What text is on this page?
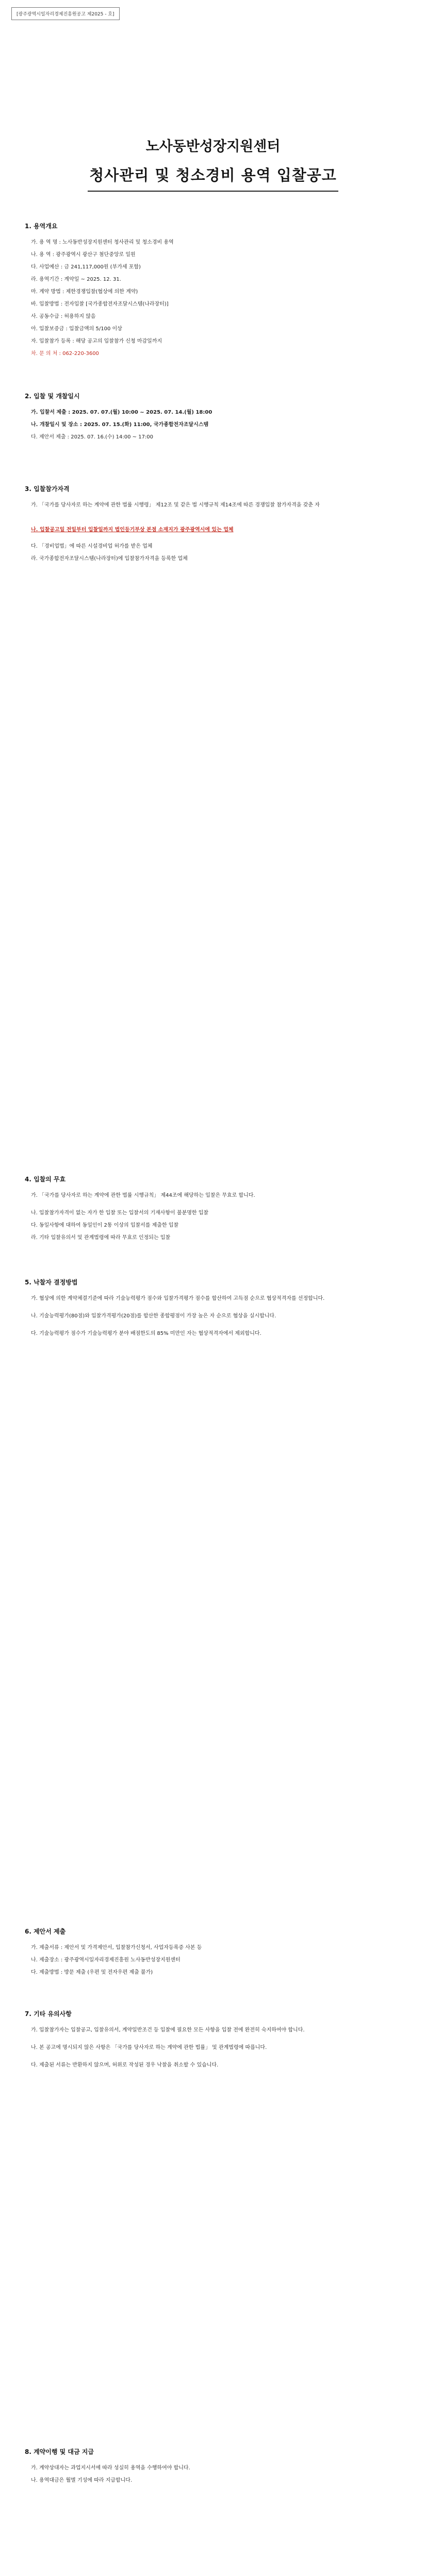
[광주광역시일자리경제진흥원공고 제2025 - 호]
노사동반성장지원센터
청사관리 및 청소경비 용역 입찰공고
1. 용역개요
가. 용 역 명 : 노사동반성장지원센터 청사관리 및 청소경비 용역
나. 용 역 : 광주광역시 광산구 첨단중앙로 일원
다. 사업예산 : 금 241,117,000원 (부가세 포함)
라. 용역기간 : 계약일 ~ 2025. 12. 31.
마. 계약 방법 : 제한경쟁입찰(협상에 의한 계약)
바. 입찰방법 : 전자입찰 [국가종합전자조달시스템(나라장터)]
사. 공동수급 : 허용하지 않음
아. 입찰보증금 : 입찰금액의 5/100 이상
자. 입찰참가 등록 : 해당 공고의 입찰참가 신청 마감일까지
차. 문 의 처 : 062-220-3600
2. 입찰 및 개찰일시
가. 입찰서 제출 : 2025. 07. 07.(월) 10:00 ~ 2025. 07. 14.(월) 18:00
나. 개찰일시 및 장소 : 2025. 07. 15.(화) 11:00, 국가종합전자조달시스템
다. 제안서 제출 : 2025. 07. 16.(수) 14:00 ~ 17:00
3. 입찰참가자격
가. 「국가를 당사자로 하는 계약에 관한 법률 시행령」 제12조 및 같은 법 시행규칙 제14조에 따른 경쟁입찰 참가자격을 갖춘 자
나. 입찰공고일 전일부터 입찰일까지 법인등기부상 본점 소재지가 광주광역시에 있는 업체
다. 「경비업법」에 따른 시설경비업 허가를 받은 업체
라. 국가종합전자조달시스템(나라장터)에 입찰참가자격을 등록한 업체
4. 입찰의 무효
가. 「국가를 당사자로 하는 계약에 관한 법률 시행규칙」 제44조에 해당하는 입찰은 무효로 합니다.
나. 입찰참가자격이 없는 자가 한 입찰 또는 입찰서의 기재사항이 불분명한 입찰
다. 동일사항에 대하여 동일인이 2통 이상의 입찰서를 제출한 입찰
라. 기타 입찰유의서 및 관계법령에 따라 무효로 인정되는 입찰
5. 낙찰자 결정방법
가. 협상에 의한 계약체결기준에 따라 기술능력평가 점수와 입찰가격평가 점수를 합산하여 고득점 순으로 협상적격자를 선정합니다.
나. 기술능력평가(80점)와 입찰가격평가(20점)를 합산한 종합평점이 가장 높은 자 순으로 협상을 실시합니다.
다. 기술능력평가 점수가 기술능력평가 분야 배점한도의 85% 미만인 자는 협상적격자에서 제외합니다.
6. 제안서 제출
가. 제출서류 : 제안서 및 가격제안서, 입찰참가신청서, 사업자등록증 사본 등
나. 제출장소 : 광주광역시일자리경제진흥원 노사동반성장지원센터
다. 제출방법 : 방문 제출 (우편 및 전자우편 제출 불가)
7. 기타 유의사항
가. 입찰참가자는 입찰공고, 입찰유의서, 계약일반조건 등 입찰에 필요한 모든 사항을 입찰 전에 완전히 숙지하여야 합니다.
나. 본 공고에 명시되지 않은 사항은 「국가를 당사자로 하는 계약에 관한 법률」 및 관계법령에 따릅니다.
다. 제출된 서류는 반환하지 않으며, 허위로 작성된 경우 낙찰을 취소할 수 있습니다.
8. 계약이행 및 대금 지급
가. 계약상대자는 과업지시서에 따라 성실히 용역을 수행하여야 합니다.
나. 용역대금은 월별 기성에 따라 지급합니다.
